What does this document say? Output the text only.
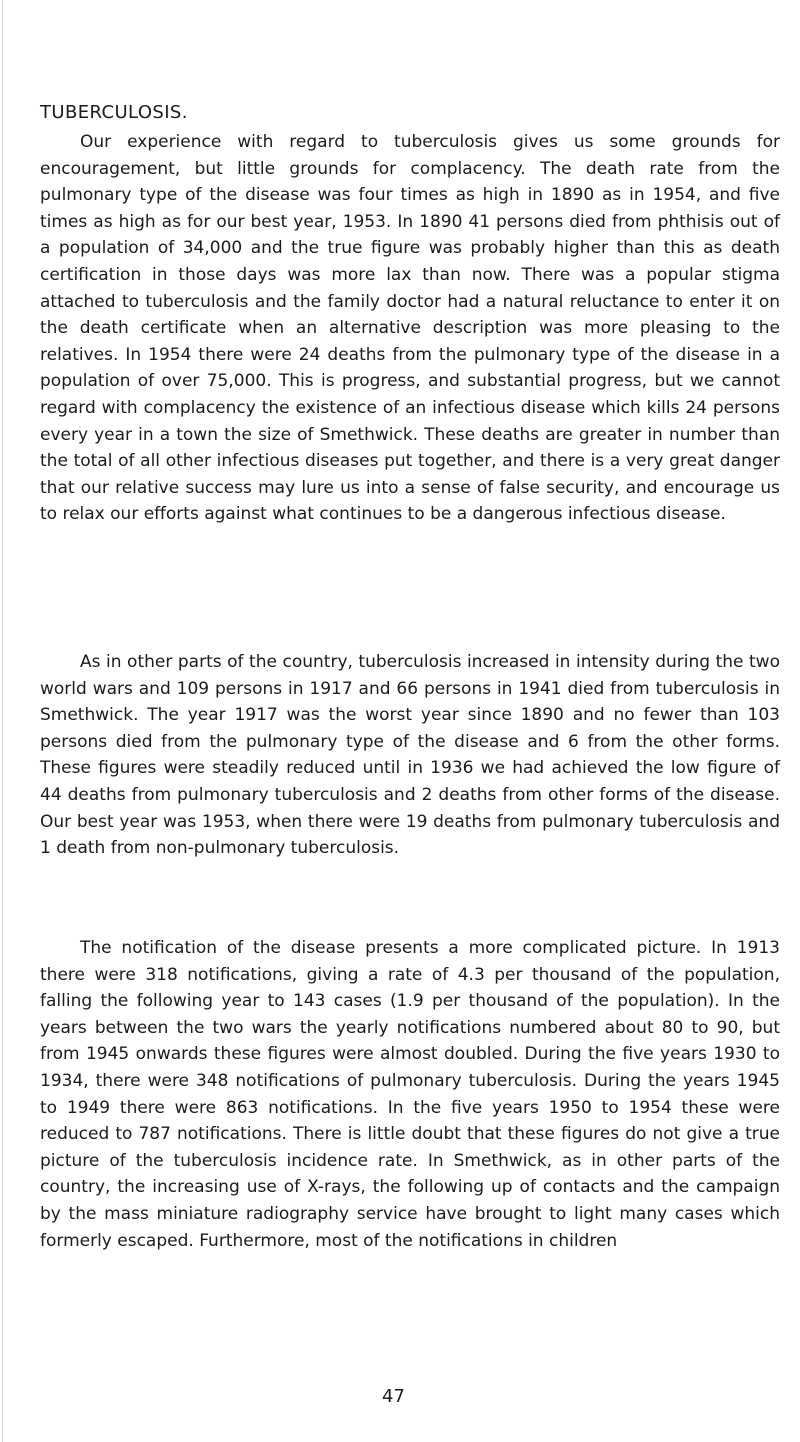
TUBERCULOSIS.

Our experience with regard to tuberculosis gives us some grounds for encouragement, but little grounds for complacency. The death rate from the pulmonary type of the disease was four times as high in 1890 as in 1954, and five times as high as for our best year, 1953. In 1890 41 persons died from phthisis out of a population of 34,000 and the true figure was probably higher than this as death certification in those days was more lax than now. There was a popular stigma attached to tuberculosis and the family doctor had a natural reluctance to enter it on the death certificate when an alternative description was more pleasing to the relatives. In 1954 there were 24 deaths from the pulmonary type of the disease in a population of over 75,000. This is progress, and substantial progress, but we cannot regard with complacency the existence of an infectious disease which kills 24 persons every year in a town the size of Smethwick. These deaths are greater in number than the total of all other infectious diseases put together, and there is a very great danger that our relative success may lure us into a sense of false security, and encourage us to relax our efforts against what continues to be a dangerous infectious disease.

As in other parts of the country, tuberculosis increased in intensity during the two world wars and 109 persons in 1917 and 66 persons in 1941 died from tuberculosis in Smethwick. The year 1917 was the worst year since 1890 and no fewer than 103 persons died from the pulmonary type of the disease and 6 from the other forms. These figures were steadily reduced until in 1936 we had achieved the low figure of 44 deaths from pulmonary tuberculosis and 2 deaths from other forms of the disease. Our best year was 1953, when there were 19 deaths from pulmonary tuberculosis and 1 death from non-pulmonary tuberculosis.

The notification of the disease presents a more complicated picture. In 1913 there were 318 notifications, giving a rate of 4.3 per thousand of the population, falling the following year to 143 cases (1.9 per thousand of the population). In the years between the two wars the yearly notifications numbered about 80 to 90, but from 1945 onwards these figures were almost doubled. During the five years 1930 to 1934, there were 348 notifications of pulmonary tuberculosis. During the years 1945 to 1949 there were 863 notifications. In the five years 1950 to 1954 these were reduced to 787 notifications. There is little doubt that these figures do not give a true picture of the tuberculosis incidence rate. In Smethwick, as in other parts of the country, the increasing use of X-rays, the following up of contacts and the campaign by the mass miniature radiography service have brought to light many cases which formerly escaped. Furthermore, most of the notifications in children

47
